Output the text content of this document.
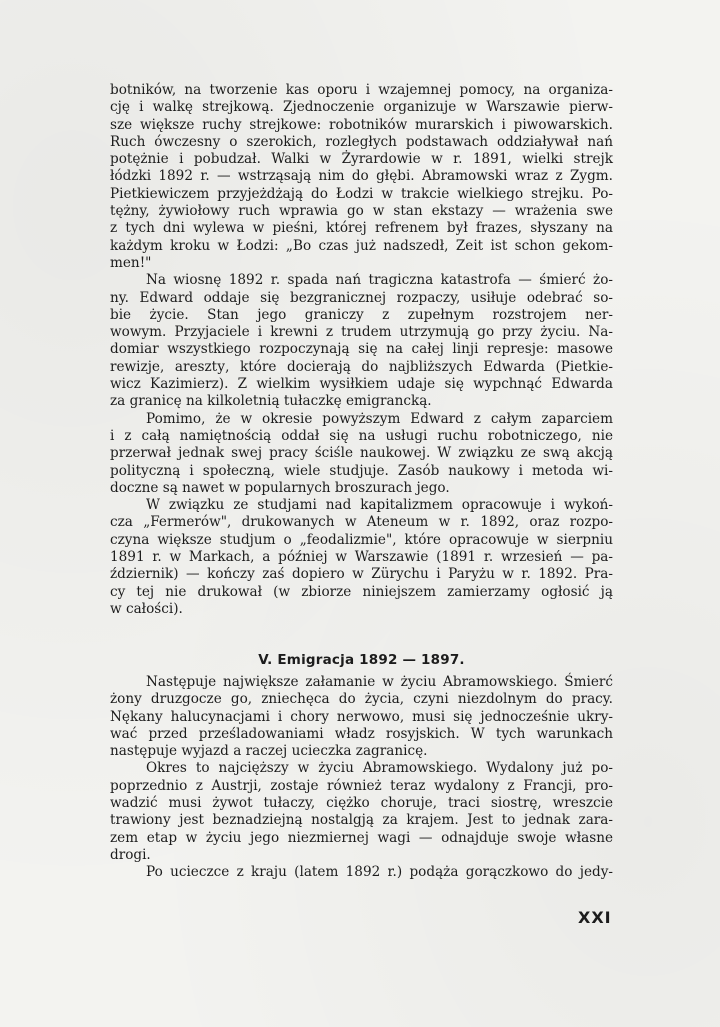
botników, na tworzenie kas oporu i wzajemnej pomocy, na organiza-
cję i walkę strejkową. Zjednoczenie organizuje w Warszawie pierw-
sze większe ruchy strejkowe: robotników murarskich i piwowarskich.
Ruch ówczesny o szerokich, rozległych podstawach oddziaływał nań
potężnie i pobudzał. Walki w Żyrardowie w r. 1891, wielki strejk
łódzki 1892 r. — wstrząsają nim do głębi. Abramowski wraz z Zygm.
Pietkiewiczem przyjeżdżają do Łodzi w trakcie wielkiego strejku. Po-
tężny, żywiołowy ruch wprawia go w stan ekstazy — wrażenia swe
z tych dni wylewa w pieśni, której refrenem był frazes, słyszany na
każdym kroku w Łodzi: „Bo czas już nadszedł, Zeit ist schon gekom-
men!"
Na wiosnę 1892 r. spada nań tragiczna katastrofa — śmierć żo-
ny. Edward oddaje się bezgranicznej rozpaczy, usiłuje odebrać so-
bie życie. Stan jego graniczy z zupełnym rozstrojem ner-
wowym. Przyjaciele i krewni z trudem utrzymują go przy życiu. Na-
domiar wszystkiego rozpoczynają się na całej linji represje: masowe
rewizje, aresztу, które docierają do najbliższych Edwarda (Pietkie-
wicz Kazimierz). Z wielkim wysiłkiem udaje się wypchnąć Edwarda
za granicę na kilkoletnią tułaczkę emigrancką.
Pomimo, że w okresie powyższym Edward z całym zaparciem
i z całą namiętnością oddał się na usługi ruchu robotniczego, nie
przerwał jednak swej pracy ściśle naukowej. W związku ze swą akcją
polityczną i społeczną, wiele studjuje. Zasób naukowy i metoda wi-
doczne są nawet w popularnych broszurach jego.
W związku ze studjami nad kapitalizmem opracowuje i wykoń-
cza „Fermerów", drukowanych w Ateneum w r. 1892, oraz rozpo-
czyna większe studjum o „feodalizmie", które opracowuje w sierpniu
1891 r. w Markach, a później w Warszawie (1891 r. wrzesień — pa-
ździernik) — kończy zaś dopiero w Zürychu i Paryżu w r. 1892. Pra-
cy tej nie drukował (w zbiorze niniejszem zamierzamy ogłosić ją
w całości).
V. Emigracja 1892 — 1897.
Następuje największe załamanie w życiu Abramowskiego. Śmierć
żony druzgocze go, zniechęca do życia, czyni niezdolnym do pracy.
Nękany halucynacjami i chory nerwowo, musi się jednocześnie ukry-
wać przed prześladowaniami władz rosyjskich. W tych warunkach
następuje wyjazd a raczej ucieczka zagranicę.
Okres to najcięższy w życiu Abramowskiego. Wydalony już po-
poprzednio z Austrji, zostaje również teraz wydalony z Francji, pro-
wadzić musi żywot tułaczy, ciężko choruje, traci siostrę, wreszcie
trawiony jest beznadziejną nostalgją za krajem. Jest to jednak zara-
zem etap w życiu jego niezmiernej wagi — odnajduje swoje własne
drogi.
Po ucieczce z kraju (latem 1892 r.) podąża gorączkowo do jedy-
XXI
